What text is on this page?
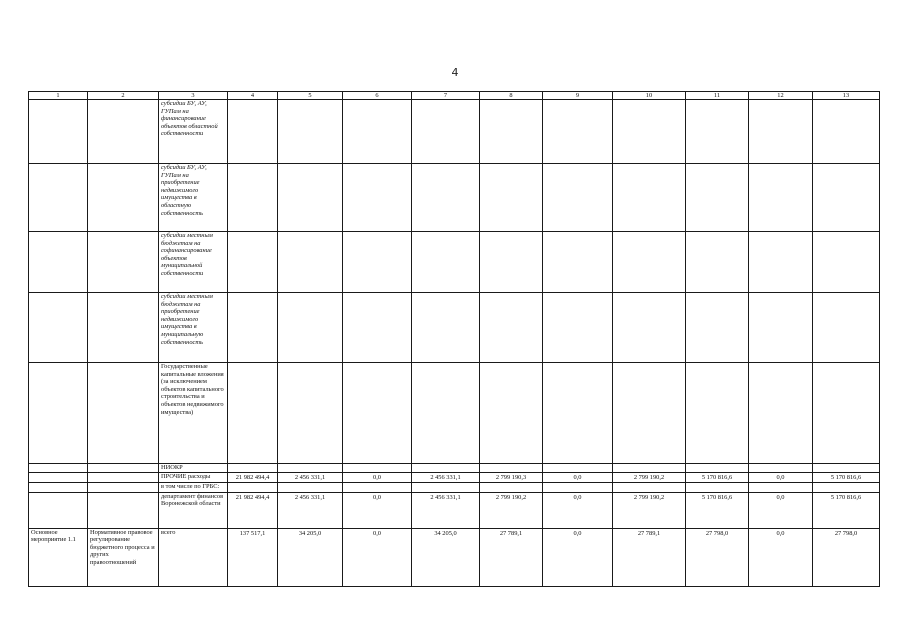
4
1	2	3	4	5	6	7	8	9	10	11	12	13
		субсидии БУ, АУ, ГУПам на финансирование объектов областной собственности										
		субсидии БУ, АУ, ГУПам на приобретение недвижимого имущества в областную собственность										
		субсидии местным бюджетам на софинансирование объектов муниципальной собственности										
		субсидии местным бюджетам на приобретение недвижимого имущества в муниципальную собственность										
		Государственные капитальные вложения (за исключением объектов капитального строительства и объектов недвижимого имущества)										
		НИОКР										
		ПРОЧИЕ расходы	21 982 494,4	2 456 331,1	0,0	2 456 331,1	2 799 190,3	0,0	2 799 190,2	5 170 816,6	0,0	5 170 816,6
		в том числе по ГРБС:										
		департамент финансов Воронежской области	21 982 494,4	2 456 331,1	0,0	2 456 331,1	2 799 190,2	0,0	2 799 190,2	5 170 816,6	0,0	5 170 816,6
Основное мероприятие 1.1	Нормативное правовое регулирование бюджетного процесса и других правоотношений	всего	137 517,1	34 205,0	0,0	34 205,0	27 789,1	0,0	27 789,1	27 798,0	0,0	27 798,0
